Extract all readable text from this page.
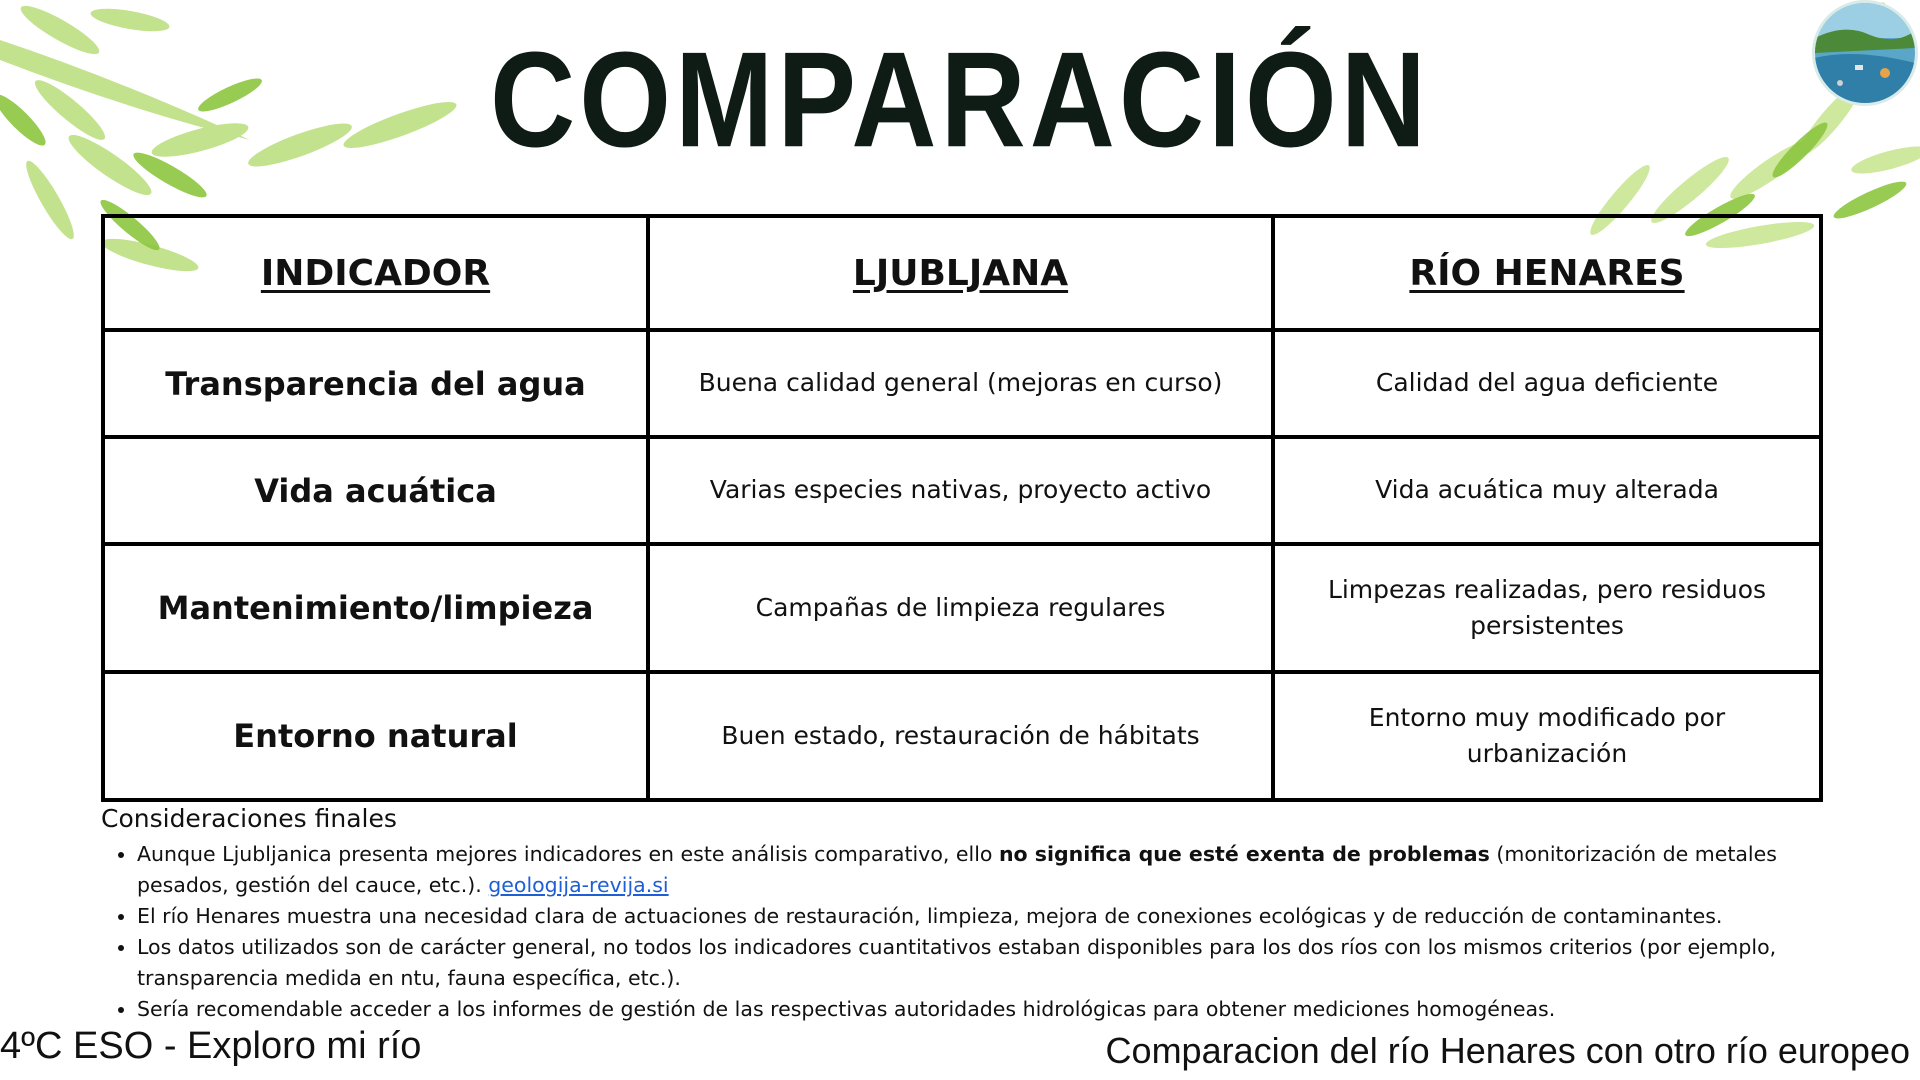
COMPARACIÓN
INDICADOR	LJUBLJANA	RÍO HENARES
Transparencia del agua	Buena calidad general (mejoras en curso)	Calidad del agua deficiente
Vida acuática	Varias especies nativas, proyecto activo	Vida acuática muy alterada
Mantenimiento/limpieza	Campañas de limpieza regulares	Limpezas realizadas, pero residuos persistentes
Entorno natural	Buen estado, restauración de hábitats	Entorno muy modificado por urbanización
Consideraciones finales
• Aunque Ljubljanica presenta mejores indicadores en este análisis comparativo, ello no significa que esté exenta de problemas (monitorización de metales pesados, gestión del cauce, etc.). geologija-revija.si
• El río Henares muestra una necesidad clara de actuaciones de restauración, limpieza, mejora de conexiones ecológicas y de reducción de contaminantes.
• Los datos utilizados son de carácter general, no todos los indicadores cuantitativos estaban disponibles para los dos ríos con los mismos criterios (por ejemplo, transparencia medida en ntu, fauna específica, etc.).
• Sería recomendable acceder a los informes de gestión de las respectivas autoridades hidrológicas para obtener mediciones homogéneas.
4ºC ESO - Exploro mi río	Comparacion del río Henares con otro río europeo
